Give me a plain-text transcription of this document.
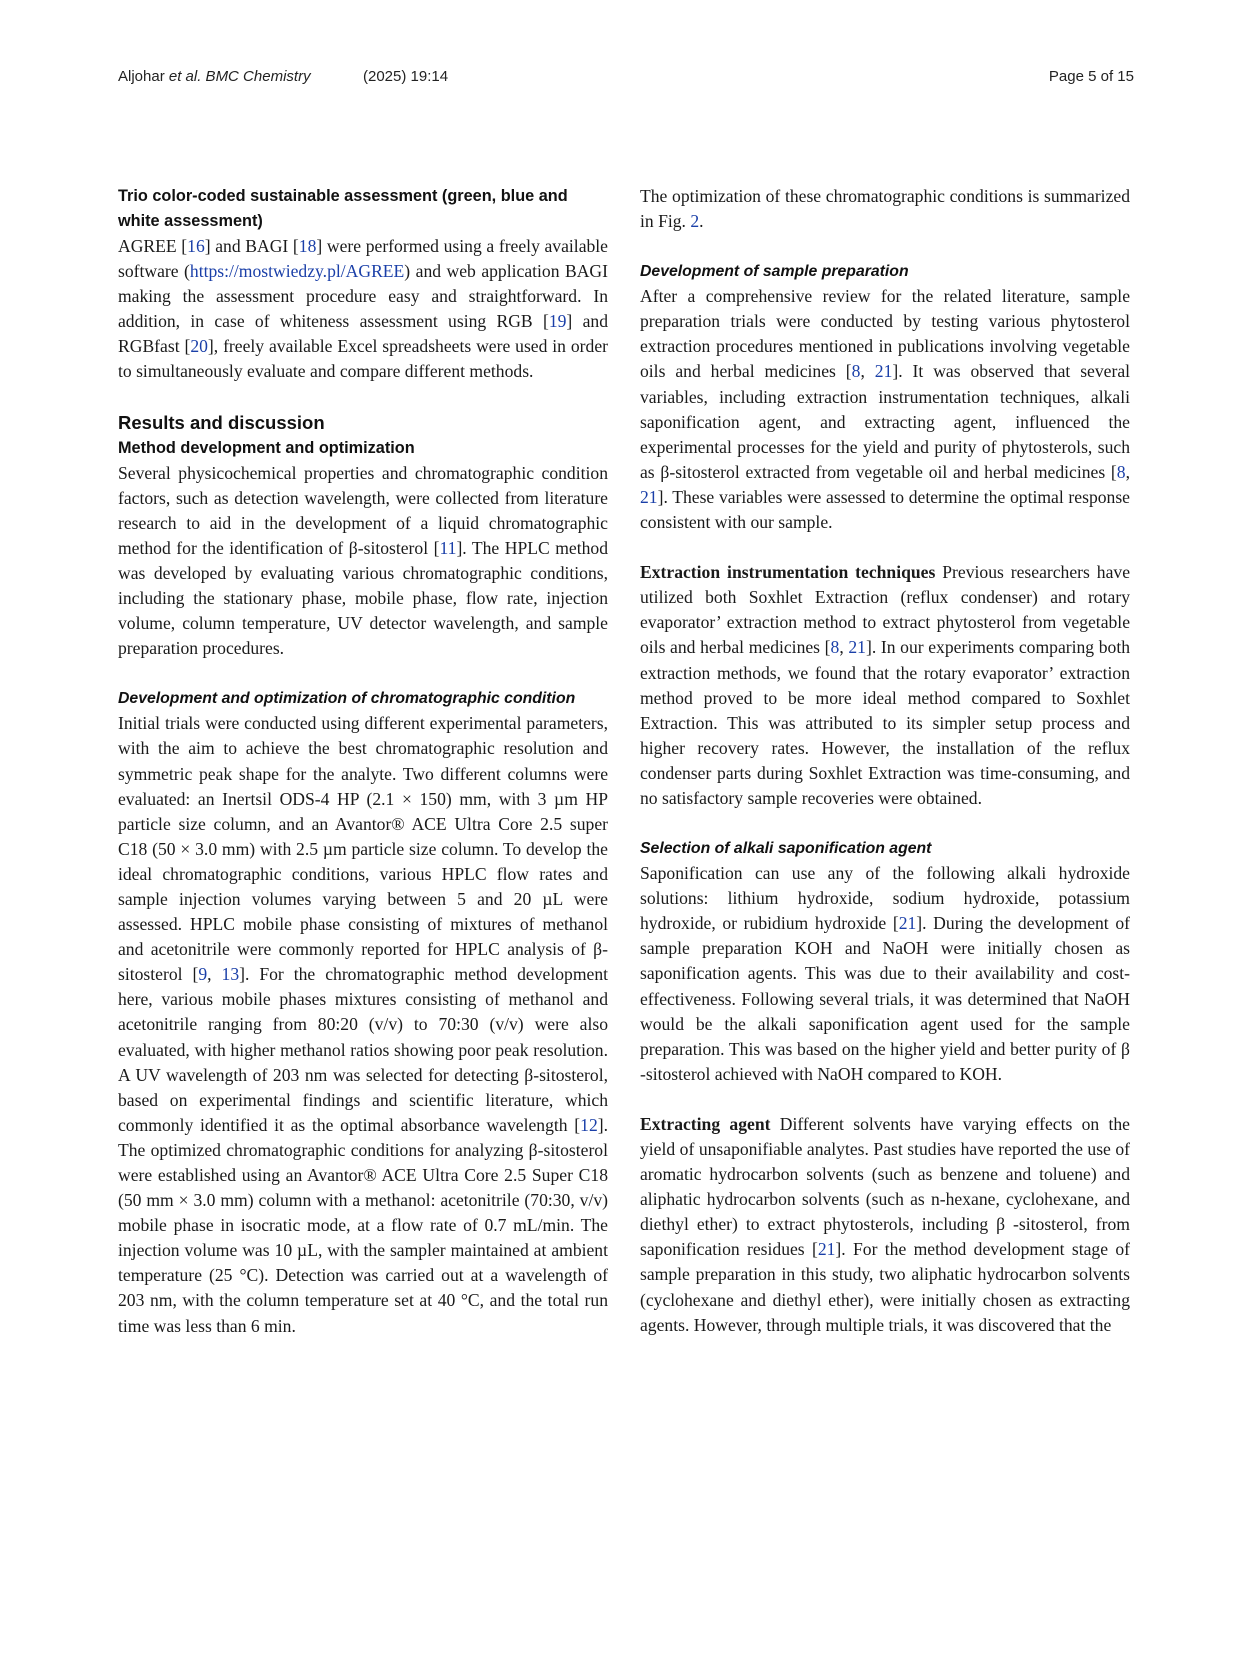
Aljohar et al. BMC Chemistry	(2025) 19:14	Page 5 of 15
Trio color-coded sustainable assessment (green, blue and white assessment)

AGREE [16] and BAGI [18] were performed using a freely available software (https://mostwiedzy.pl/AGREE) and web application BAGI making the assessment procedure easy and straightforward. In addition, in case of whiteness assessment using RGB [19] and RGBfast [20], freely available Excel spreadsheets were used in order to simultaneously evaluate and compare different methods.

Results and discussion
Method development and optimization

Several physicochemical properties and chromatographic condition factors, such as detection wavelength, were collected from literature research to aid in the development of a liquid chromatographic method for the identification of β-sitosterol [11]. The HPLC method was developed by evaluating various chromatographic conditions, including the stationary phase, mobile phase, flow rate, injection volume, column temperature, UV detector wavelength, and sample preparation procedures.

Development and optimization of chromatographic condition

Initial trials were conducted using different experimental parameters, with the aim to achieve the best chromatographic resolution and symmetric peak shape for the analyte. Two different columns were evaluated: an Inertsil ODS-4 HP (2.1 × 150) mm, with 3 µm HP particle size column, and an Avantor® ACE Ultra Core 2.5 super C18 (50 × 3.0 mm) with 2.5 µm particle size column. To develop the ideal chromatographic conditions, various HPLC flow rates and sample injection volumes varying between 5 and 20 µL were assessed. HPLC mobile phase consisting of mixtures of methanol and acetonitrile were commonly reported for HPLC analysis of β-sitosterol [9, 13]. For the chromatographic method development here, various mobile phases mixtures consisting of methanol and acetonitrile ranging from 80:20 (v/v) to 70:30 (v/v) were also evaluated, with higher methanol ratios showing poor peak resolution. A UV wavelength of 203 nm was selected for detecting β-sitosterol, based on experimental findings and scientific literature, which commonly identified it as the optimal absorbance wavelength [12]. The optimized chromatographic conditions for analyzing β-sitosterol were established using an Avantor® ACE Ultra Core 2.5 Super C18 (50 mm × 3.0 mm) column with a methanol: acetonitrile (70:30, v/v) mobile phase in isocratic mode, at a flow rate of 0.7 mL/min. The injection volume was 10 µL, with the sampler maintained at ambient temperature (25 °C). Detection was carried out at a wavelength of 203 nm, with the column temperature set at 40 °C, and the total run time was less than 6 min.

The optimization of these chromatographic conditions is summarized in Fig. 2.

Development of sample preparation

After a comprehensive review for the related literature, sample preparation trials were conducted by testing various phytosterol extraction procedures mentioned in publications involving vegetable oils and herbal medicines [8, 21]. It was observed that several variables, including extraction instrumentation techniques, alkali saponification agent, and extracting agent, influenced the experimental processes for the yield and purity of phytosterols, such as β-sitosterol extracted from vegetable oil and herbal medicines [8, 21]. These variables were assessed to determine the optimal response consistent with our sample.

Extraction instrumentation techniques Previous researchers have utilized both Soxhlet Extraction (reflux condenser) and rotary evaporator’ extraction method to extract phytosterol from vegetable oils and herbal medicines [8, 21]. In our experiments comparing both extraction methods, we found that the rotary evaporator’ extraction method proved to be more ideal method compared to Soxhlet Extraction. This was attributed to its simpler setup process and higher recovery rates. However, the installation of the reflux condenser parts during Soxhlet Extraction was time-consuming, and no satisfactory sample recoveries were obtained.

Selection of alkali saponification agent

Saponification can use any of the following alkali hydroxide solutions: lithium hydroxide, sodium hydroxide, potassium hydroxide, or rubidium hydroxide [21]. During the development of sample preparation KOH and NaOH were initially chosen as saponification agents. This was due to their availability and cost-effectiveness. Following several trials, it was determined that NaOH would be the alkali saponification agent used for the sample preparation. This was based on the higher yield and better purity of β -sitosterol achieved with NaOH compared to KOH.

Extracting agent Different solvents have varying effects on the yield of unsaponifiable analytes. Past studies have reported the use of aromatic hydrocarbon solvents (such as benzene and toluene) and aliphatic hydrocarbon solvents (such as n-hexane, cyclohexane, and diethyl ether) to extract phytosterols, including β -sitosterol, from saponification residues [21]. For the method development stage of sample preparation in this study, two aliphatic hydrocarbon solvents (cyclohexane and diethyl ether), were initially chosen as extracting agents. However, through multiple trials, it was discovered that the
